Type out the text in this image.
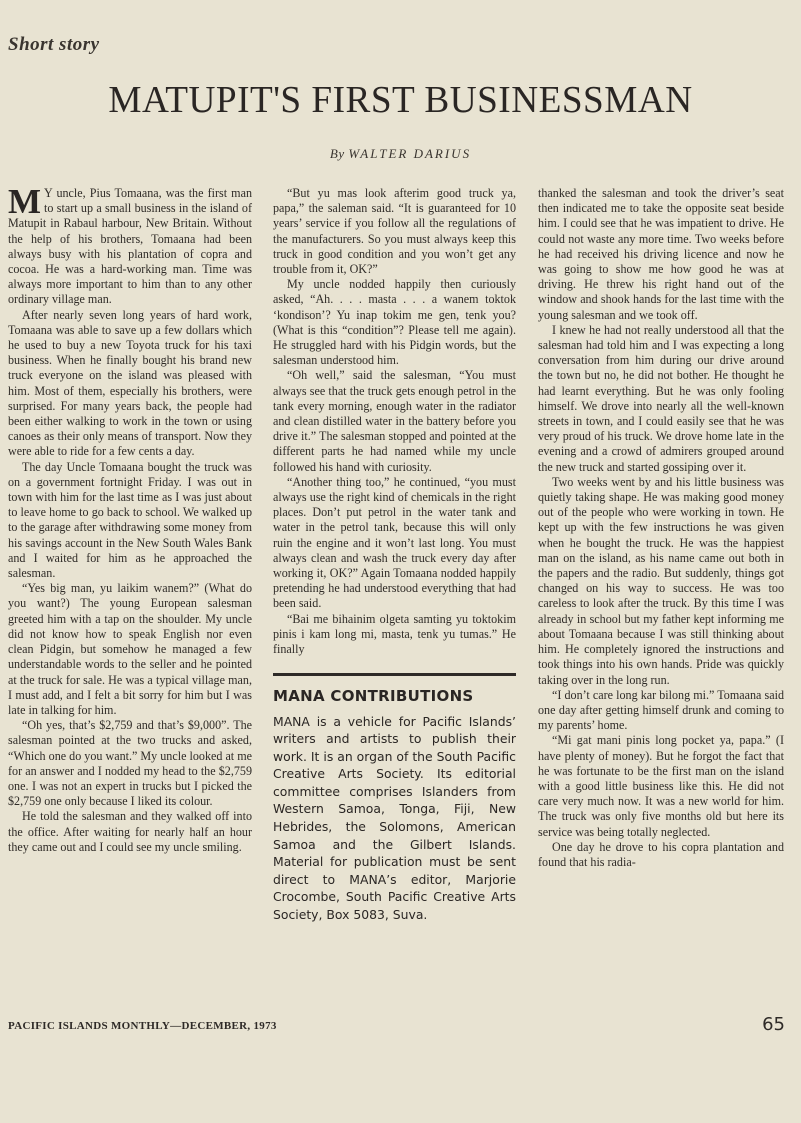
Short story
MATUPIT'S FIRST BUSINESSMAN
By WALTER DARIUS

M Y uncle, Pius Tomaana, was the first man to start up a small business in the island of Matupit in Rabaul harbour, New Britain. Without the help of his brothers, Tomaana had been always busy with his plantation of copra and cocoa. He was a hard-working man. Time was always more important to him than to any other ordinary village man.

After nearly seven long years of hard work, Tomaana was able to save up a few dollars which he used to buy a new Toyota truck for his taxi business. When he finally bought his brand new truck everyone on the island was pleased with him. Most of them, especially his brothers, were surprised. For many years back, the people had been either walking to work in the town or using canoes as their only means of transport. Now they were able to ride for a few cents a day.

The day Uncle Tomaana bought the truck was on a government fortnight Friday. I was out in town with him for the last time as I was just about to leave home to go back to school. We walked up to the garage after withdrawing some money from his savings account in the New South Wales Bank and I waited for him as he approached the salesman.

“Yes big man, yu laikim wanem?” (What do you want?) The young European salesman greeted him with a tap on the shoulder. My uncle did not know how to speak English nor even clean Pidgin, but somehow he managed a few understandable words to the seller and he pointed at the truck for sale. He was a typical village man, I must add, and I felt a bit sorry for him but I was late in talking for him.

“Oh yes, that’s $2,759 and that’s $9,000”. The salesman pointed at the two trucks and asked, “Which one do you want.” My uncle looked at me for an answer and I nodded my head to the $2,759 one. I was not an expert in trucks but I picked the $2,759 one only because I liked its colour.

He told the salesman and they walked off into the office. After waiting for nearly half an hour they came out and I could see my uncle smiling.

“But yu mas look afterim good truck ya, papa,” the saleman said. “It is guaranteed for 10 years’ service if you follow all the regulations of the manufacturers. So you must always keep this truck in good condition and you won’t get any trouble from it, OK?”

My uncle nodded happily then curiously asked, “Ah. . . . masta . . . a wanem toktok ‘kondison’? Yu inap tokim me gen, tenk you? (What is this “condition”? Please tell me again). He struggled hard with his Pidgin words, but the salesman understood him.

“Oh well,” said the salesman, “You must always see that the truck gets enough petrol in the tank every morning, enough water in the radiator and clean distilled water in the battery before you drive it.” The salesman stopped and pointed at the different parts he had named while my uncle followed his hand with curiosity.

“Another thing too,” he continued, “you must always use the right kind of chemicals in the right places. Don’t put petrol in the water tank and water in the petrol tank, because this will only ruin the engine and it won’t last long. You must always clean and wash the truck every day after working it, OK?” Again Tomaana nodded happily pretending he had understood everything that had been said.

“Bai me bihainim olgeta samting yu toktokim pinis i kam long mi, masta, tenk yu tumas.” He finally

MANA CONTRIBUTIONS
MANA is a vehicle for Pacific Islands’ writers and artists to publish their work. It is an organ of the South Pacific Creative Arts Society. Its editorial committee comprises Islanders from Western Samoa, Tonga, Fiji, New Hebrides, the Solomons, American Samoa and the Gilbert Islands. Material for publication must be sent direct to MANA’s editor, Marjorie Crocombe, South Pacific Creative Arts Society, Box 5083, Suva.

thanked the salesman and took the driver’s seat then indicated me to take the opposite seat beside him. I could see that he was impatient to drive. He could not waste any more time. Two weeks before he had received his driving licence and now he was going to show me how good he was at driving. He threw his right hand out of the window and shook hands for the last time with the young salesman and we took off.

I knew he had not really understood all that the salesman had told him and I was expecting a long conversation from him during our drive around the town but no, he did not bother. He thought he had learnt everything. But he was only fooling himself. We drove into nearly all the well-known streets in town, and I could easily see that he was very proud of his truck. We drove home late in the evening and a crowd of admirers grouped around the new truck and started gossiping over it.

Two weeks went by and his little business was quietly taking shape. He was making good money out of the people who were working in town. He kept up with the few instructions he was given when he bought the truck. He was the happiest man on the island, as his name came out both in the papers and the radio. But suddenly, things got changed on his way to success. He was too careless to look after the truck. By this time I was already in school but my father kept informing me about Tomaana because I was still thinking about him. He completely ignored the instructions and took things into his own hands. Pride was quickly taking over in the long run.

“I don’t care long kar bilong mi.” Tomaana said one day after getting himself drunk and coming to my parents’ home.

“Mi gat mani pinis long pocket ya, papa.” (I have plenty of money). But he forgot the fact that he was fortunate to be the first man on the island with a good little business like this. He did not care very much now. It was a new world for him. The truck was only five months old but here its service was being totally neglected.

One day he drove to his copra plantation and found that his radia-

PACIFIC ISLANDS MONTHLY—DECEMBER, 1973	65
